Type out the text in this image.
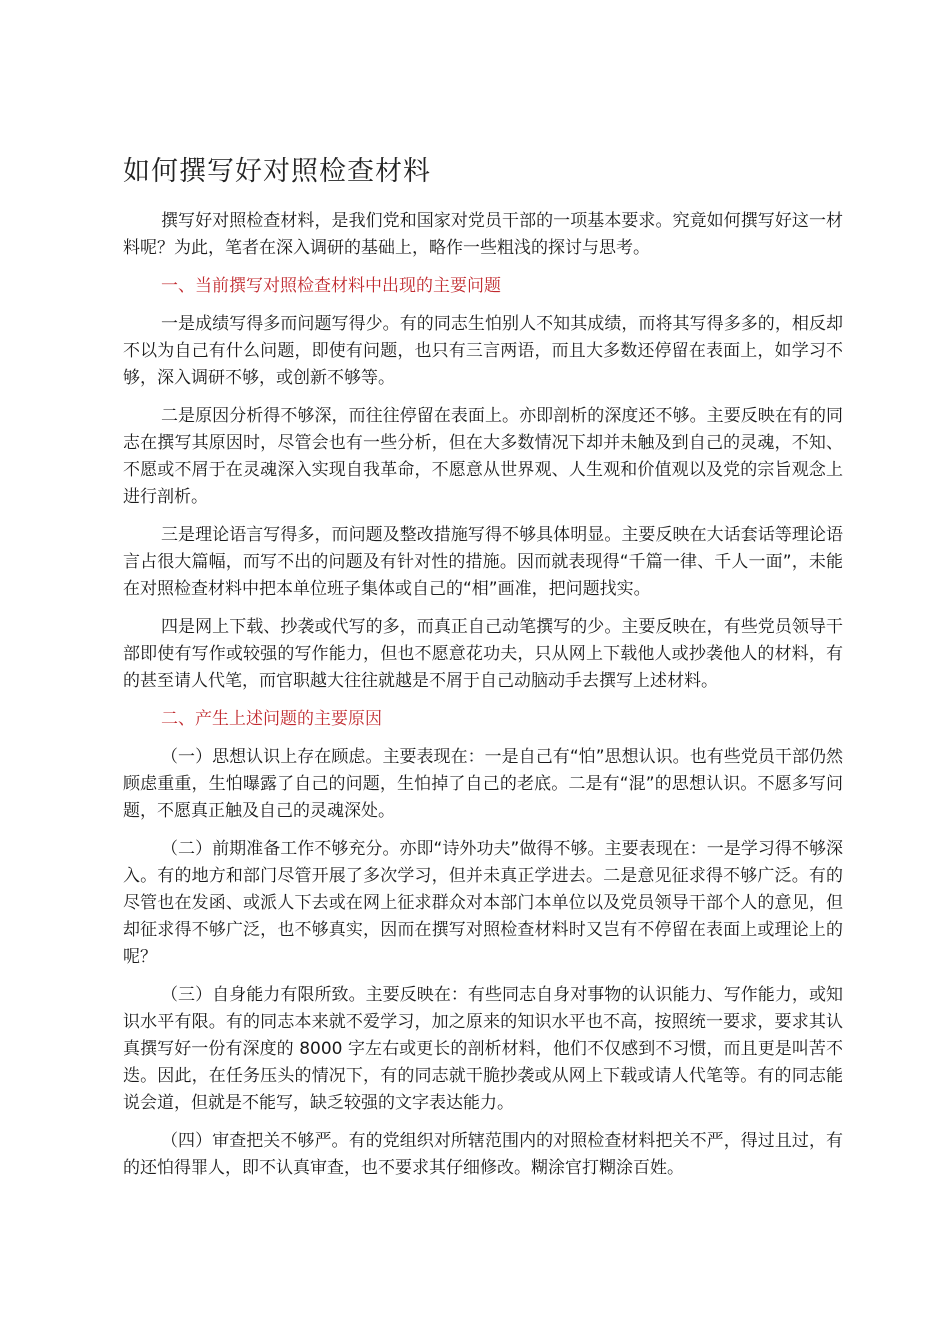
如何撰写好对照检查材料

撰写好对照检查材料，是我们党和国家对党员干部的一项基本要求。究竟如何撰写好这一材料呢？为此，笔者在深入调研的基础上，略作一些粗浅的探讨与思考。

一、当前撰写对照检查材料中出现的主要问题

一是成绩写得多而问题写得少。有的同志生怕别人不知其成绩，而将其写得多多的，相反却不以为自己有什么问题，即使有问题，也只有三言两语，而且大多数还停留在表面上，如学习不够，深入调研不够，或创新不够等。

二是原因分析得不够深，而往往停留在表面上。亦即剖析的深度还不够。主要反映在有的同志在撰写其原因时，尽管会也有一些分析，但在大多数情况下却并未触及到自己的灵魂，不知、不愿或不屑于在灵魂深入实现自我革命，不愿意从世界观、人生观和价值观以及党的宗旨观念上进行剖析。

三是理论语言写得多，而问题及整改措施写得不够具体明显。主要反映在大话套话等理论语言占很大篇幅，而写不出的问题及有针对性的措施。因而就表现得“千篇一律、千人一面”，未能在对照检查材料中把本单位班子集体或自己的“相”画准，把问题找实。

四是网上下载、抄袭或代写的多，而真正自己动笔撰写的少。主要反映在，有些党员领导干部即使有写作或较强的写作能力，但也不愿意花功夫，只从网上下载他人或抄袭他人的材料，有的甚至请人代笔，而官职越大往往就越是不屑于自己动脑动手去撰写上述材料。

二、产生上述问题的主要原因

（一）思想认识上存在顾虑。主要表现在：一是自己有“怕”思想认识。也有些党员干部仍然顾虑重重，生怕曝露了自己的问题，生怕掉了自己的老底。二是有“混”的思想认识。不愿多写问题，不愿真正触及自己的灵魂深处。

（二）前期准备工作不够充分。亦即“诗外功夫”做得不够。主要表现在：一是学习得不够深入。有的地方和部门尽管开展了多次学习，但并未真正学进去。二是意见征求得不够广泛。有的尽管也在发函、或派人下去或在网上征求群众对本部门本单位以及党员领导干部个人的意见，但却征求得不够广泛，也不够真实，因而在撰写对照检查材料时又岂有不停留在表面上或理论上的呢？

（三）自身能力有限所致。主要反映在：有些同志自身对事物的认识能力、写作能力，或知识水平有限。有的同志本来就不爱学习，加之原来的知识水平也不高，按照统一要求，要求其认真撰写好一份有深度的 8000 字左右或更长的剖析材料，他们不仅感到不习惯，而且更是叫苦不迭。因此，在任务压头的情况下，有的同志就干脆抄袭或从网上下载或请人代笔等。有的同志能说会道，但就是不能写，缺乏较强的文字表达能力。

（四）审查把关不够严。有的党组织对所辖范围内的对照检查材料把关不严，得过且过，有的还怕得罪人，即不认真审查，也不要求其仔细修改。糊涂官打糊涂百姓。
